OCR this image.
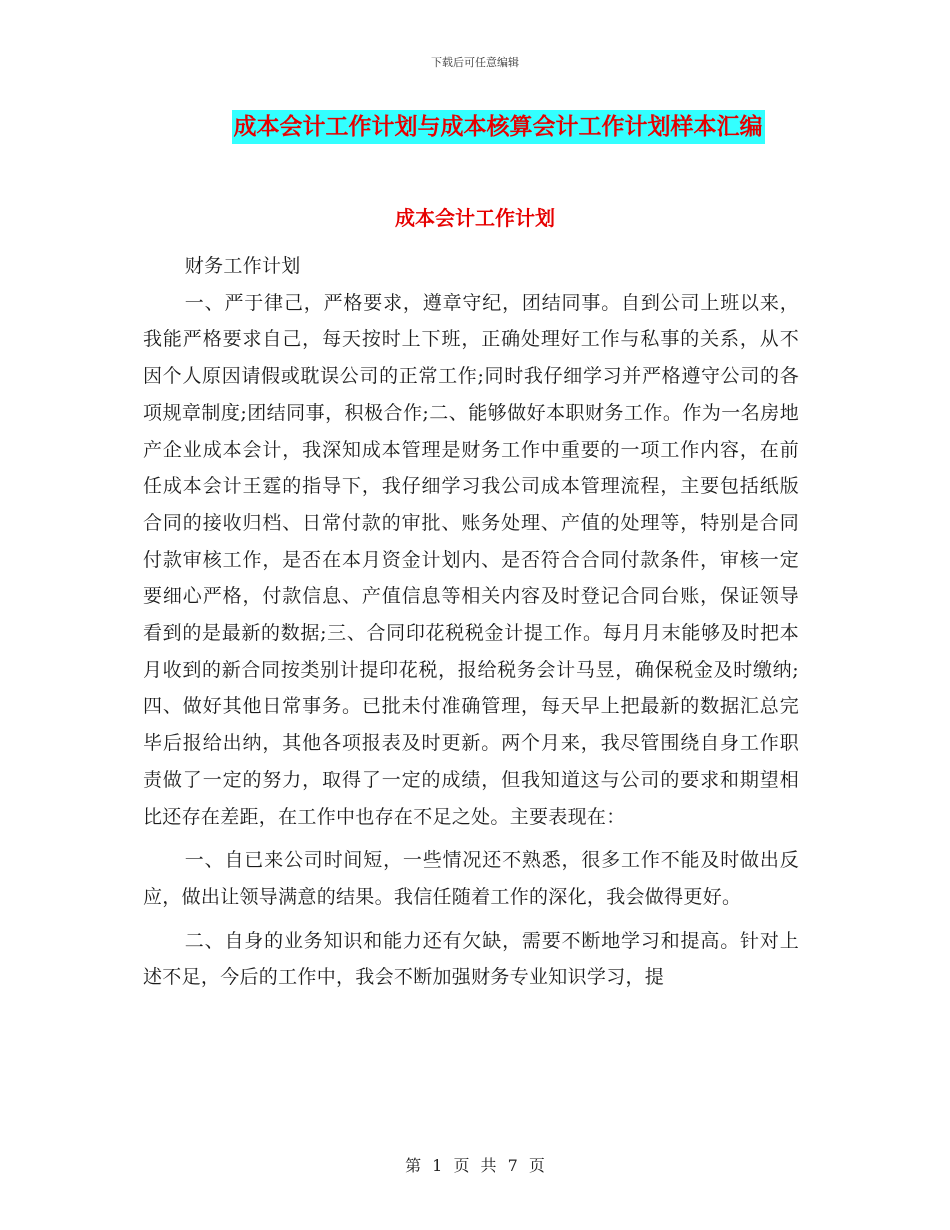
下载后可任意编辑
成本会计工作计划与成本核算会计工作计划样本汇编
成本会计工作计划

财务工作计划

一、严于律己，严格要求，遵章守纪，团结同事。自到公司上班以来，我能严格要求自己，每天按时上下班，正确处理好工作与私事的关系，从不因个人原因请假或耽误公司的正常工作;同时我仔细学习并严格遵守公司的各项规章制度;团结同事，积极合作;二、能够做好本职财务工作。作为一名房地产企业成本会计，我深知成本管理是财务工作中重要的一项工作内容，在前任成本会计王霆的指导下，我仔细学习我公司成本管理流程，主要包括纸版合同的接收归档、日常付款的审批、账务处理、产值的处理等，特别是合同付款审核工作，是否在本月资金计划内、是否符合合同付款条件，审核一定要细心严格，付款信息、产值信息等相关内容及时登记合同台账，保证领导看到的是最新的数据;三、合同印花税税金计提工作。每月月末能够及时把本月收到的新合同按类别计提印花税，报给税务会计马昱，确保税金及时缴纳;四、做好其他日常事务。已批未付准确管理，每天早上把最新的数据汇总完毕后报给出纳，其他各项报表及时更新。两个月来，我尽管围绕自身工作职责做了一定的努力，取得了一定的成绩，但我知道这与公司的要求和期望相比还存在差距，在工作中也存在不足之处。主要表现在：

一、自已来公司时间短，一些情况还不熟悉，很多工作不能及时做出反应，做出让领导满意的结果。我信任随着工作的深化，我会做得更好。

二、自身的业务知识和能力还有欠缺，需要不断地学习和提高。针对上述不足，今后的工作中，我会不断加强财务专业知识学习，提

第 1 页 共 7 页
